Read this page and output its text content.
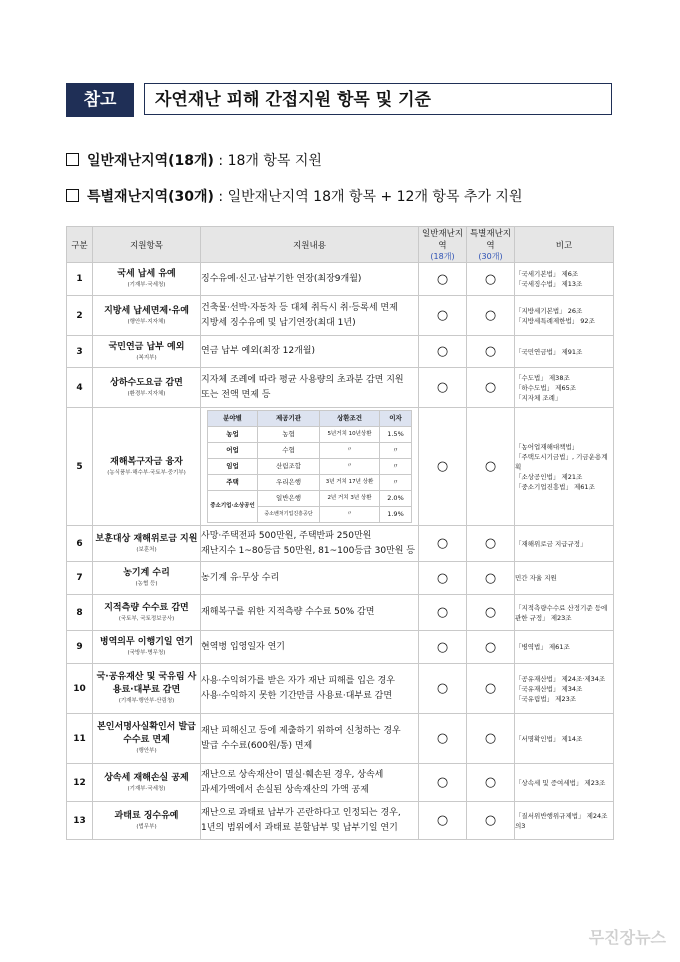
참고	자연재난 피해 간접지원 항목 및 기준
일반재난지역(18개) : 18개 항목 지원
특별재난지역(30개) : 일반재난지역 18개 항목 + 12개 항목 추가 지원
구분	지원항목	지원내용	일반재난지역
(18개)
	특별재난지역
(30개)
	비고
1	국세 납세 유예
(기재부·국세청)

징수유예·신고·납부기한 연장(최장9개월)	○	○	「국세기본법」 제6조
「국세징수법」 제13조

2	지방세 납세면제·유예
(행안부·지자체)

건축물·선박·자동차 등 대체 취득시 취·등록세 면제
지방세 징수유예 및 납기연장(최대 1년)	○	○	「지방세기본법」 26조
「지방세특례제한법」 92조

3	국민연금 납부 예외
(복지부)

연금 납부 예외(최장 12개월)	○	○	「국민연금법」 제91조

4	상하수도요금 감면
(환경부·지자체)

지자체 조례에 따라 평균 사용량의 초과분 감면 지원
또는 전액 면제 등	○	○	
「수도법」 제38조
「하수도법」 제65조
「지자체 조례」

5	재해복구자금 융자
(농식품부·해수부·국토부·중기부)

분야별	제공기관	상환조건	이자
농업	농협	5년거치 10년상환	1.5%
어업	수협	〃	〃
임업	산림조합	〃	〃
주택	우리은행	3년 거치 17년 상환	〃
중소기업·소상공인	일반은행	2년 거치 3년 상환	2.0%
중소벤처기업진흥공단	〃	1.9%
	○	○	
「농어업재해대책법」
「주택도시기금법」, 기금운용계획
「소상공인법」 제21조
「중소기업진흥법」 제61조

6	보훈대상 재해위로금 지원
(보훈처)

사망·주택전파 500만원, 주택반파 250만원
재난지수 1~80등급 50만원, 81~100등급 30만원 등	○	○	「재해위로금 지급규정」

7	농기계 수리
(농협 등)

농기계 유·무상 수리	○	○	민간 자율 지원

8	지적측량 수수료 감면
(국토부, 국토정보공사)

재해복구를 위한 지적측량 수수료 50% 감면	○	○	「지적측량수수료 산정기준 등에
관한 규정」 제23조

9	병역의무 이행기일 연기
(국방부·병무청)

현역병 입영일자 연기	○	○	「병역법」 제61조

10	
국·공유재산 및 국유림 사용료·대부료 감면
(기재부·행안부·산림청)

사용·수익허가를 받은 자가 재난 피해를 입은 경우
사용·수익하지 못한 기간만큼 사용료·대부료 감면	○	○	
「공유재산법」 제24조·제34조
「국유재산법」 제34조
「국유림법」 제23조

11	
본인서명사실확인서 발급수수료 면제
(행안부)

재난 피해신고 등에 제출하기 위하여 신청하는 경우
발급 수수료(600원/통) 면제	○	○	「서명확인법」 제14조

12	상속세 재해손실 공제
(기재부·국세청)

재난으로 상속재산이 멸실·훼손된 경우, 상속세
과세가액에서 손실된 상속재산의 가액 공제	○	○	「상속세 및 증여세법」 제23조

13	과태료 징수유예
(법무부)

재난으로 과태료 납부가 곤란하다고 인정되는 경우,
1년의 범위에서 과태료 분할납부 및 납부기일 연기	○	○	「질서위반행위규제법」 제24조의3
무진장뉴스
